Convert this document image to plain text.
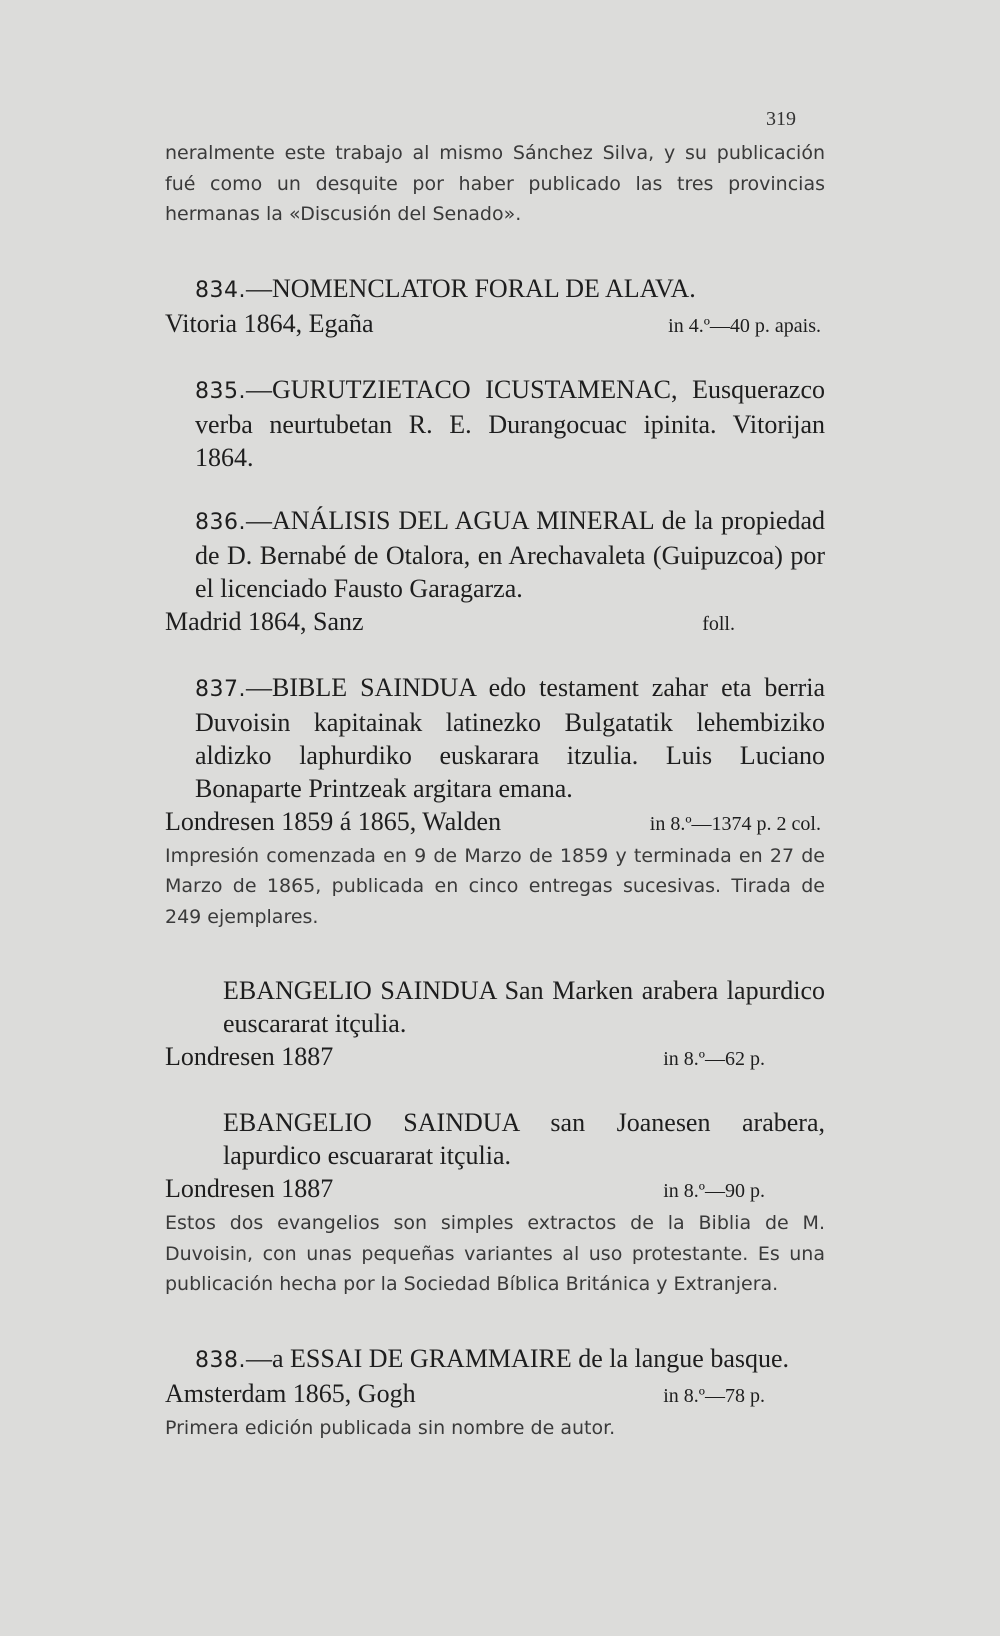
319

neralmente este trabajo al mismo Sánchez Silva, y su publicación fué como un desquite por haber publicado las tres provincias hermanas la «Discusión del Senado».

834.—NOMENCLATOR FORAL DE ALAVA.

Vitoria 1864, Egaña	in 4.º—40 p. apais.

835.—GURUTZIETACO ICUSTAMENAC, Eusquerazco verba neurtubetan R. E. Durangocuac ipinita. Vitorijan 1864.

836.—ANÁLISIS DEL AGUA MINERAL de la propiedad de D. Bernabé de Otalora, en Arechavaleta (Guipuzcoa) por el licenciado Fausto Garagarza.

Madrid 1864, Sanz	foll.

837.—BIBLE SAINDUA edo testament zahar eta berria Duvoisin kapitainak latinezko Bulgatatik lehembiziko aldizko laphurdiko euskarara itzulia. Luis Luciano Bonaparte Printzeak argitara emana.

Londresen 1859 á 1865, Walden	in 8.º—1374 p. 2 col.

Impresión comenzada en 9 de Marzo de 1859 y terminada en 27 de Marzo de 1865, publicada en cinco entregas sucesivas. Tirada de 249 ejemplares.

EBANGELIO SAINDUA San Marken arabera lapurdico euscararat itçulia.

Londresen 1887	in 8.º—62 p.

EBANGELIO SAINDUA san Joanesen arabera, lapurdico escuararat itçulia.

Londresen 1887	in 8.º—90 p.

Estos dos evangelios son simples extractos de la Biblia de M. Duvoisin, con unas pequeñas variantes al uso protestante. Es una publicación hecha por la Sociedad Bíblica Británica y Extranjera.

838.—a ESSAI DE GRAMMAIRE de la langue basque.

Amsterdam 1865, Gogh	in 8.º—78 p.

Primera edición publicada sin nombre de autor.
